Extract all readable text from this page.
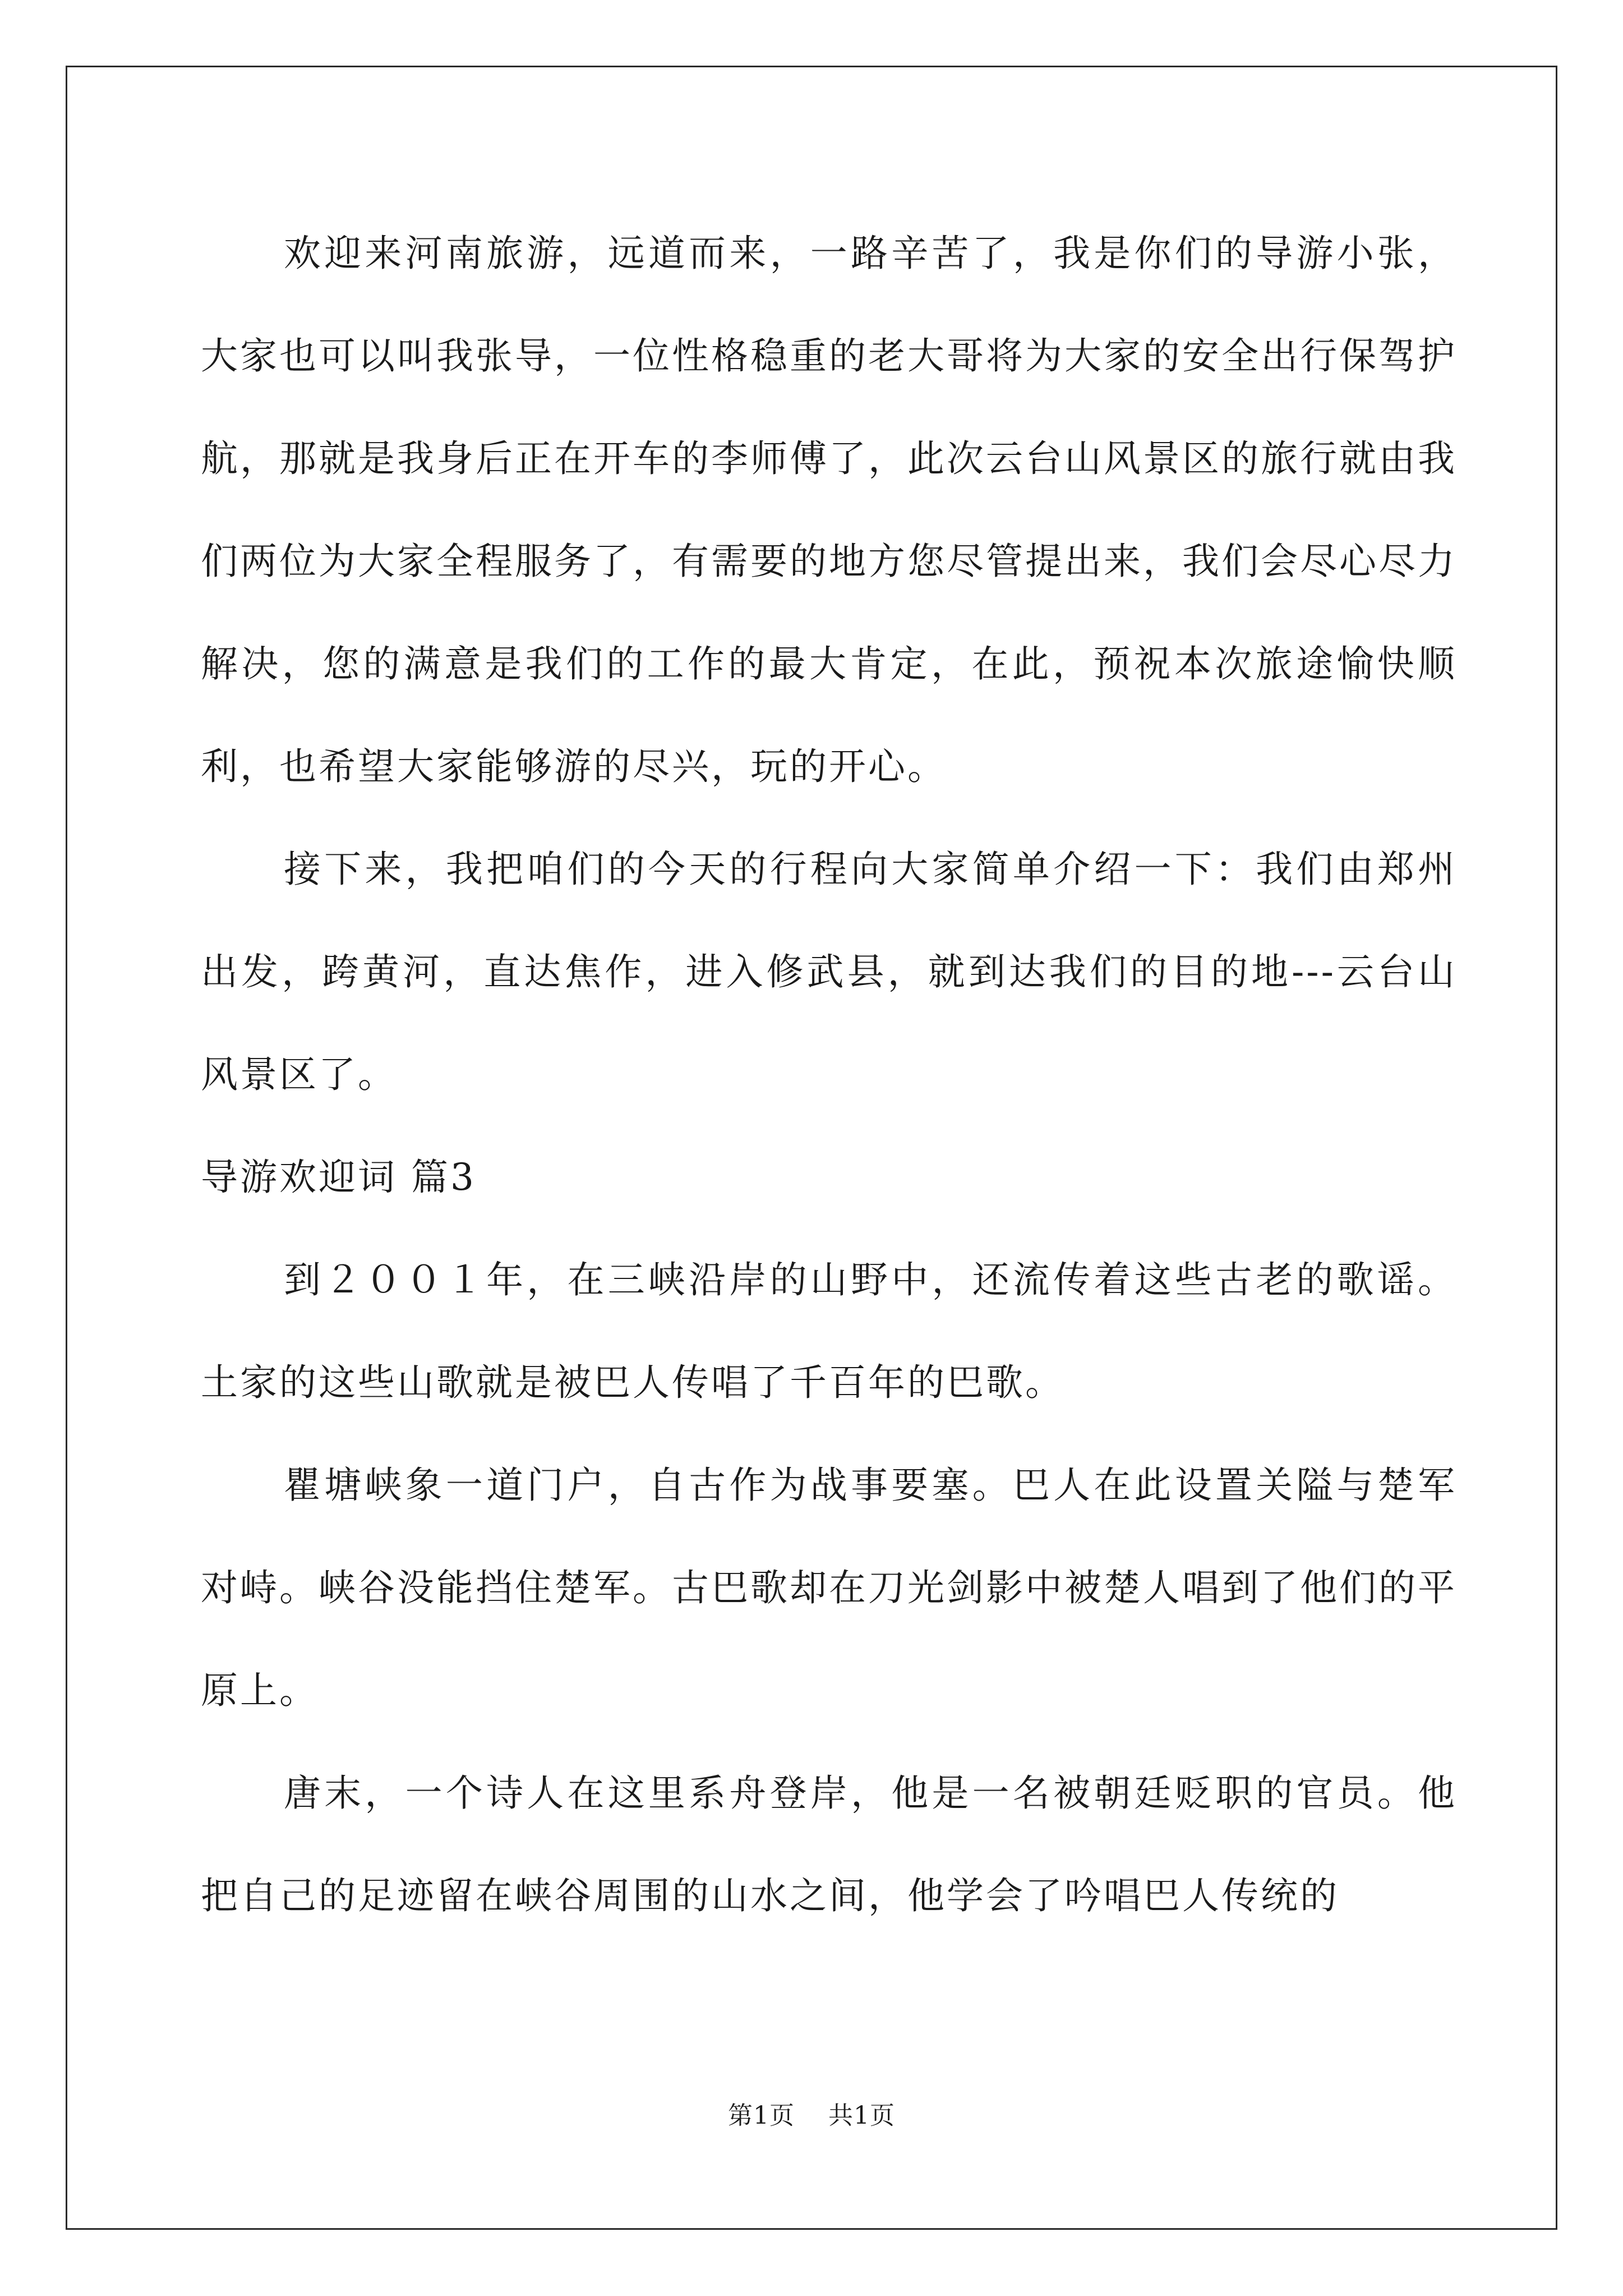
欢迎来河南旅游，远道而来，一路辛苦了，我是你们的导游小张，大家也可以叫我张导，一位性格稳重的老大哥将为大家的安全出行保驾护航，那就是我身后正在开车的李师傅了，此次云台山风景区的旅行就由我们两位为大家全程服务了，有需要的地方您尽管提出来，我们会尽心尽力解决，您的满意是我们的工作的最大肯定，在此，预祝本次旅途愉快顺利，也希望大家能够游的尽兴，玩的开心。

接下来，我把咱们的今天的行程向大家简单介绍一下：我们由郑州出发，跨黄河，直达焦作，进入修武县，就到达我们的目的地---云台山风景区了。

导游欢迎词 篇3

到２００１年，在三峡沿岸的山野中，还流传着这些古老的歌谣。土家的这些山歌就是被巴人传唱了千百年的巴歌。

瞿塘峡象一道门户，自古作为战事要塞。巴人在此设置关隘与楚军对峙。峡谷没能挡住楚军。古巴歌却在刀光剑影中被楚人唱到了他们的平原上。

唐末，一个诗人在这里系舟登岸，他是一名被朝廷贬职的官员。他把自己的足迹留在峡谷周围的山水之间，他学会了吟唱巴人传统的

第1页 共1页
